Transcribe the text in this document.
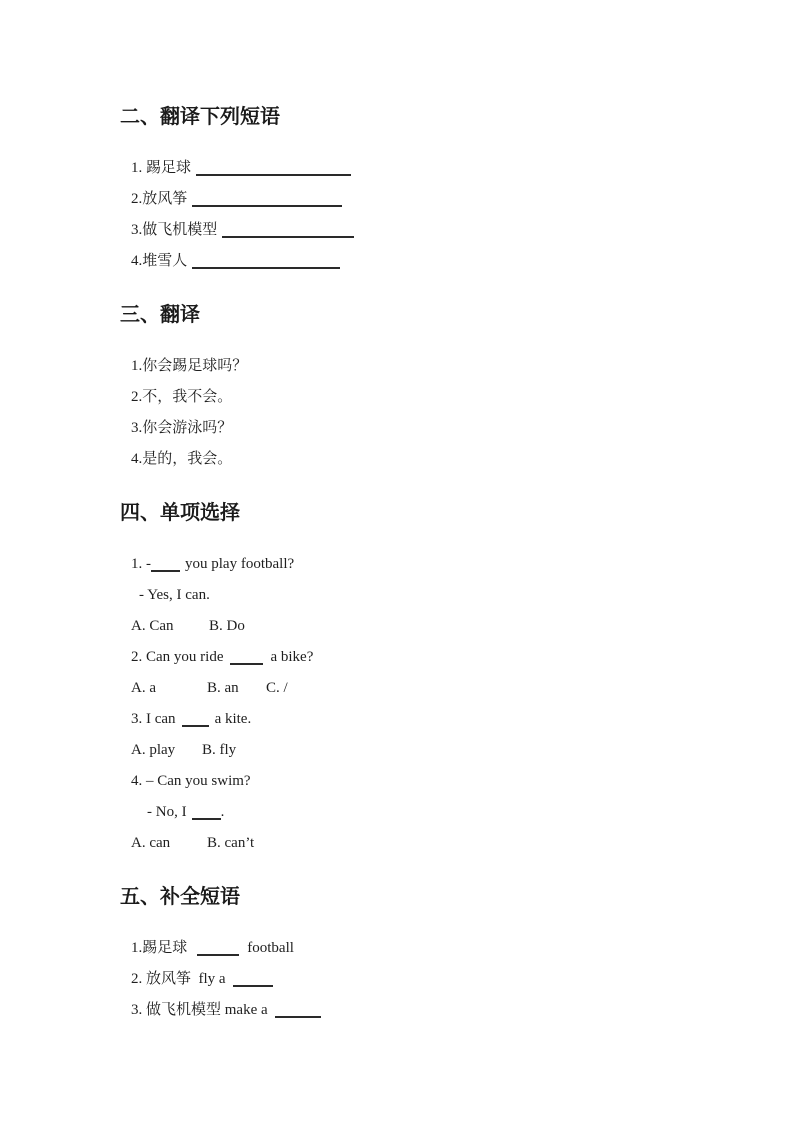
二、翻译下列短语

1. 踢足球

2.放风筝

3.做飞机模型

4.堆雪人

三、翻译

1.你会踢足球吗？

2.不，我不会。

3.你会游泳吗？

4.是的，我会。

四、单项选择

1. - you play football?

- Yes, I can.

A. Can B. Do

2. Can you ride	a bike?

A. a	B. an C. /

3. I can	a kite.

A. play B. fly

4. – Can you swim?

- No, I .

A. can B. can’t

五、补全短语

1.踢足球	football

2. 放风筝  fly a

3. 做飞机模型 make a
